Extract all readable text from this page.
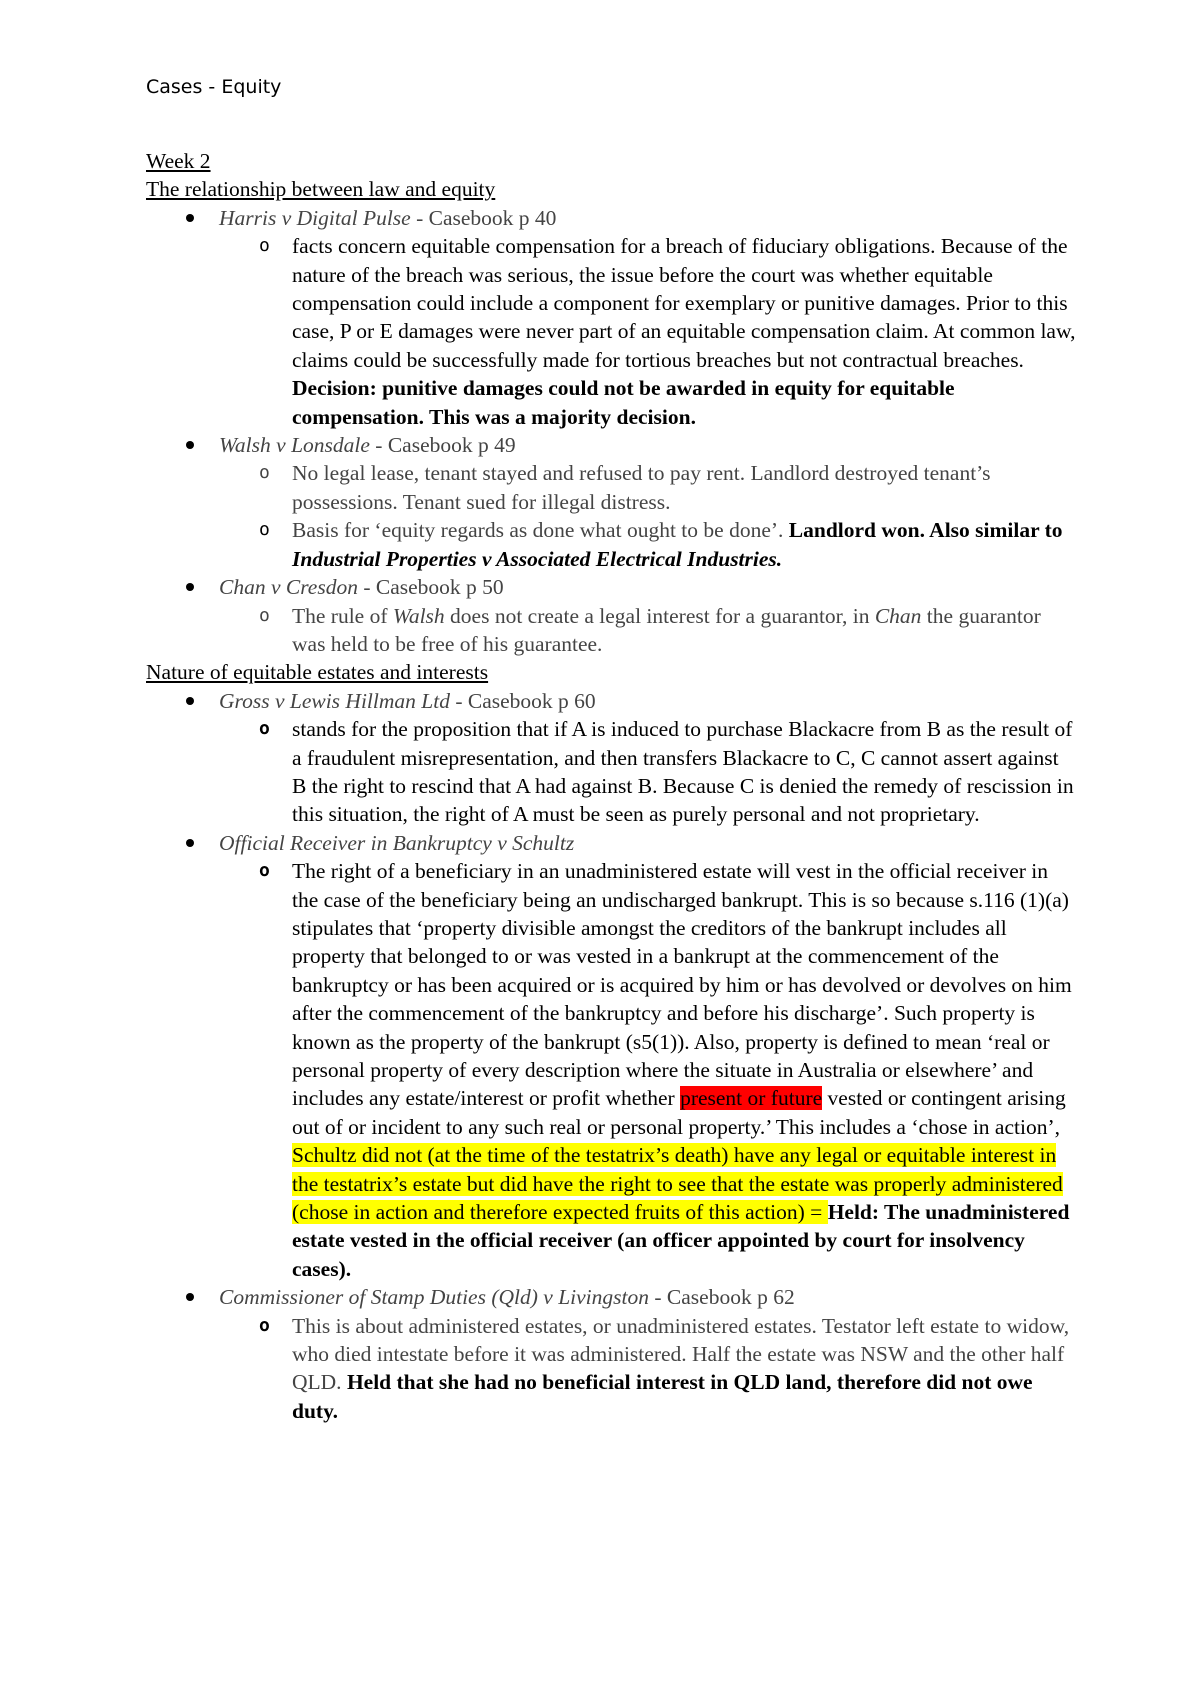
Cases - Equity
Week 2
The relationship between law and equity
Harris v Digital Pulse - Casebook p 40
o facts concern equitable compensation for a breach of fiduciary obligations. Because of the nature of the breach was serious, the issue before the court was whether equitable compensation could include a component for exemplary or punitive damages. Prior to this case, P or E damages were never part of an equitable compensation claim. At common law, claims could be successfully made for tortious breaches but not contractual breaches. Decision: punitive damages could not be awarded in equity for equitable compensation. This was a majority decision.
Walsh v Lonsdale - Casebook p 49
o No legal lease, tenant stayed and refused to pay rent. Landlord destroyed tenant’s possessions. Tenant sued for illegal distress.
o Basis for ‘equity regards as done what ought to be done’. Landlord won. Also similar to Industrial Properties v Associated Electrical Industries.
Chan v Cresdon - Casebook p 50
o The rule of Walsh does not create a legal interest for a guarantor, in Chan the guarantor was held to be free of his guarantee.
Nature of equitable estates and interests
Gross v Lewis Hillman Ltd - Casebook p 60
o stands for the proposition that if A is induced to purchase Blackacre from B as the result of a fraudulent misrepresentation, and then transfers Blackacre to C, C cannot assert against B the right to rescind that A had against B. Because C is denied the remedy of rescission in this situation, the right of A must be seen as purely personal and not proprietary.
Official Receiver in Bankruptcy v Schultz
o The right of a beneficiary in an unadministered estate will vest in the official receiver in the case of the beneficiary being an undischarged bankrupt. This is so because s.116 (1)(a) stipulates that ‘property divisible amongst the creditors of the bankrupt includes all property that belonged to or was vested in a bankrupt at the commencement of the bankruptcy or has been acquired or is acquired by him or has devolved or devolves on him after the commencement of the bankruptcy and before his discharge’. Such property is known as the property of the bankrupt (s5(1)). Also, property is defined to mean ‘real or personal property of every description where the situate in Australia or elsewhere’ and includes any estate/interest or profit whether present or future vested or contingent arising out of or incident to any such real or personal property.’ This includes a ‘chose in action’, Schultz did not (at the time of the testatrix’s death) have any legal or equitable interest in the testatrix’s estate but did have the right to see that the estate was properly administered (chose in action and therefore expected fruits of this action) = Held: The unadministered estate vested in the official receiver (an officer appointed by court for insolvency cases).
Commissioner of Stamp Duties (Qld) v Livingston - Casebook p 62
o This is about administered estates, or unadministered estates. Testator left estate to widow, who died intestate before it was administered. Half the estate was NSW and the other half QLD. Held that she had no beneficial interest in QLD land, therefore did not owe duty.
